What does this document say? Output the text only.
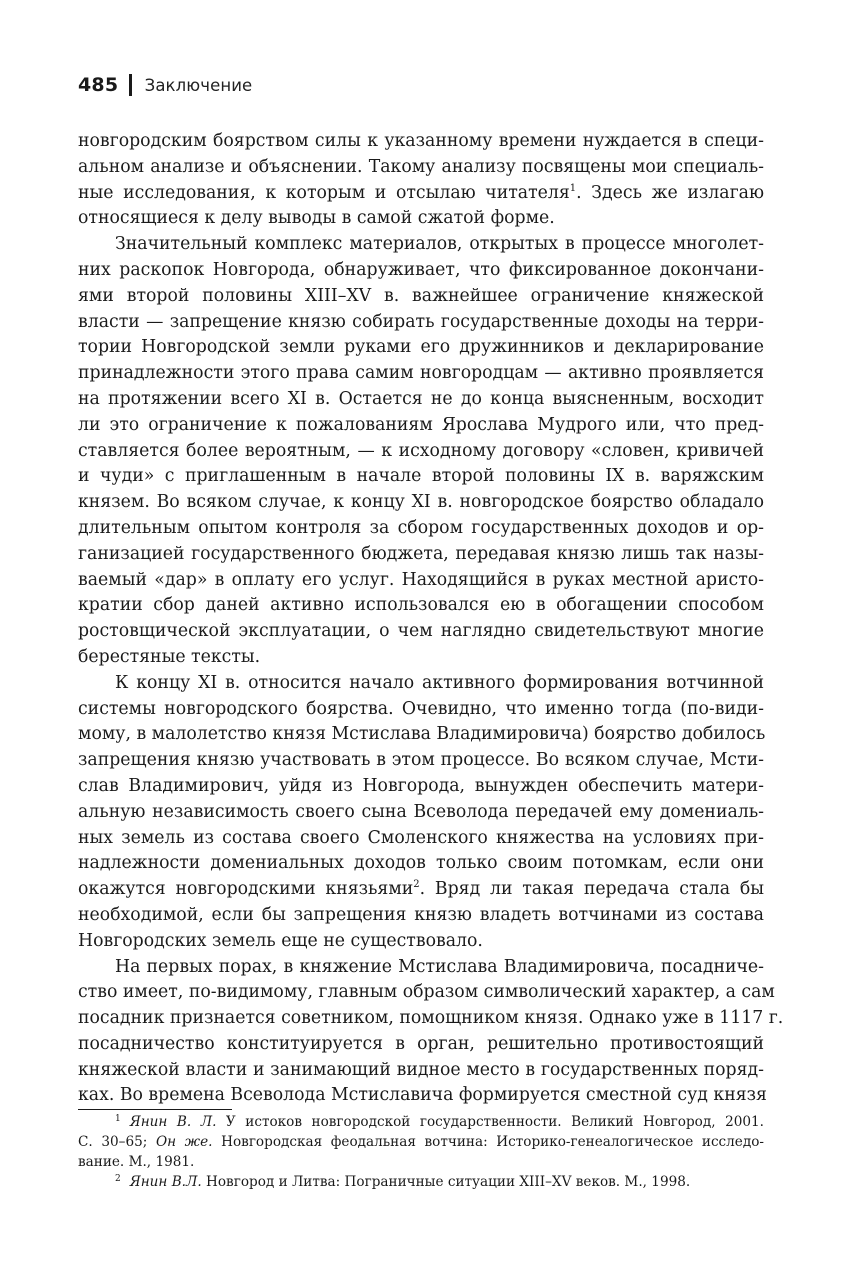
485 Заключение
новгородским боярством силы к указанному времени нуждается в специ-
альном анализе и объяснении. Такому анализу посвящены мои специаль-
ные исследования, к которым и отсылаю читателя$^1$. Здесь же излагаю
относящиеся к делу выводы в самой сжатой форме.
Значительный комплекс материалов, открытых в процессе многолет-
них раскопок Новгорода, обнаруживает, что фиксированное докончани-
ями второй половины XIII–XV в. важнейшее ограничение княжеской
власти — запрещение князю собирать государственные доходы на терри-
тории Новгородской земли руками его дружинников и декларирование
принадлежности этого права самим новгородцам — активно проявляется
на протяжении всего XI в. Остается не до конца выясненным, восходит
ли это ограничение к пожалованиям Ярослава Мудрого или, что пред-
ставляется более вероятным, — к исходному договору «словен, кривичей
и чуди» с приглашенным в начале второй половины IX в. варяжским
князем. Во всяком случае, к концу XI в. новгородское боярство обладало
длительным опытом контроля за сбором государственных доходов и ор-
ганизацией государственного бюджета, передавая князю лишь так назы-
ваемый «дар» в оплату его услуг. Находящийся в руках местной аристо-
кратии сбор даней активно использовался ею в обогащении способом
ростовщической эксплуатации, о чем наглядно свидетельствуют многие
берестяные тексты.
К концу XI в. относится начало активного формирования вотчинной
системы новгородского боярства. Очевидно, что именно тогда (по-види-
мому, в малолетство князя Мстислава Владимировича) боярство добилось
запрещения князю участвовать в этом процессе. Во всяком случае, Мсти-
слав Владимирович, уйдя из Новгорода, вынужден обеспечить матери-
альную независимость своего сына Всеволода передачей ему домениаль-
ных земель из состава своего Смоленского княжества на условиях при-
надлежности домениальных доходов только своим потомкам, если они
окажутся новгородскими князьями$^2$. Вряд ли такая передача стала бы
необходимой, если бы запрещения князю владеть вотчинами из состава
Новгородских земель еще не существовало.
На первых порах, в княжение Мстислава Владимировича, посадниче-
ство имеет, по-видимому, главным образом символический характер, а сам
посадник признается советником, помощником князя. Однако уже в 1117 г.
посадничество конституируется в орган, решительно противостоящий
княжеской власти и занимающий видное место в государственных поряд-
ках. Во времена Всеволода Мстиславича формируется сместной суд князя
$^1$ Янин В. Л. У истоков новгородской государственности. Великий Новгород, 2001.
С. 30–65; Он же. Новгородская феодальная вотчина: Историко-генеалогическое исследо-
вание. М., 1981.
$^2$ Янин В.Л. Новгород и Литва: Пограничные ситуации XIII–XV веков. М., 1998.
